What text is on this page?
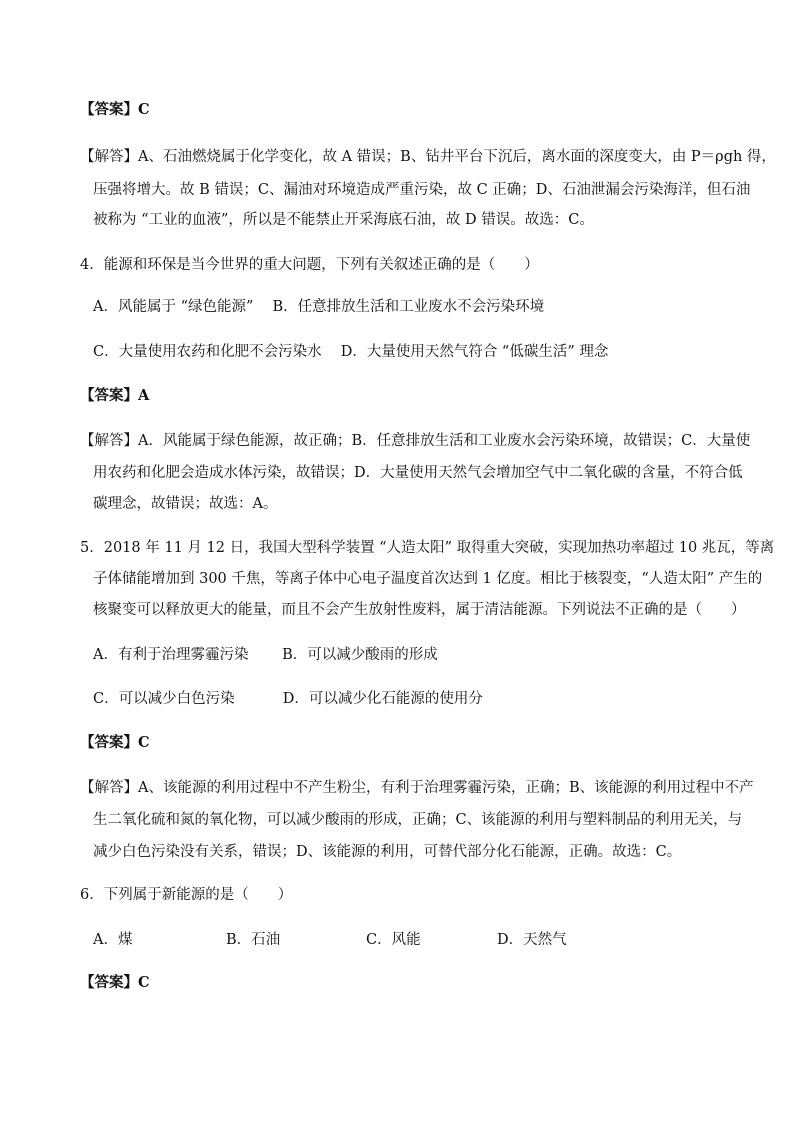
【答案】C
【解答】A、石油燃烧属于化学变化，故 A 错误；B、钻井平台下沉后，离水面的深度变大，由 P＝ρgh 得，
压强将增大。故 B 错误；C、漏油对环境造成严重污染，故 C 正确；D、石油泄漏会污染海洋，但石油
被称为 “工业的血液”，所以是不能禁止开采海底石油，故 D 错误。故选：C。
4．能源和环保是当今世界的重大问题，下列有关叙述正确的是（　　）
A．风能属于 “绿色能源”　 B．任意排放生活和工业废水不会污染环境
C．大量使用农药和化肥不会污染水　 D．大量使用天然气符合 “低碳生活” 理念
【答案】A
【解答】A．风能属于绿色能源，故正确；B．任意排放生活和工业废水会污染环境，故错误；C．大量使
用农药和化肥会造成水体污染，故错误；D．大量使用天然气会增加空气中二氧化碳的含量，不符合低
碳理念，故错误；故选：A。
5．2018 年 11 月 12 日，我国大型科学装置 “人造太阳” 取得重大突破，实现加热功率超过 10 兆瓦，等离
子体储能增加到 300 千焦，等离子体中心电子温度首次达到 1 亿度。相比于核裂变，“人造太阳” 产生的
核聚变可以释放更大的能量，而且不会产生放射性废料，属于清洁能源。下列说法不正确的是（　　）
A．有利于治理雾霾污染　　 B．可以减少酸雨的形成
C．可以减少白色污染　　　 D．可以减少化石能源的使用分
【答案】C
【解答】A、该能源的利用过程中不产生粉尘，有利于治理雾霾污染，正确；B、该能源的利用过程中不产
生二氧化硫和氮的氧化物，可以减少酸雨的形成，正确；C、该能源的利用与塑料制品的利用无关，与
减少白色污染没有关系，错误；D、该能源的利用，可替代部分化石能源，正确。故选：C。
6．下列属于新能源的是（　　）
A．煤	B．石油	C．风能	D．天然气
【答案】C
